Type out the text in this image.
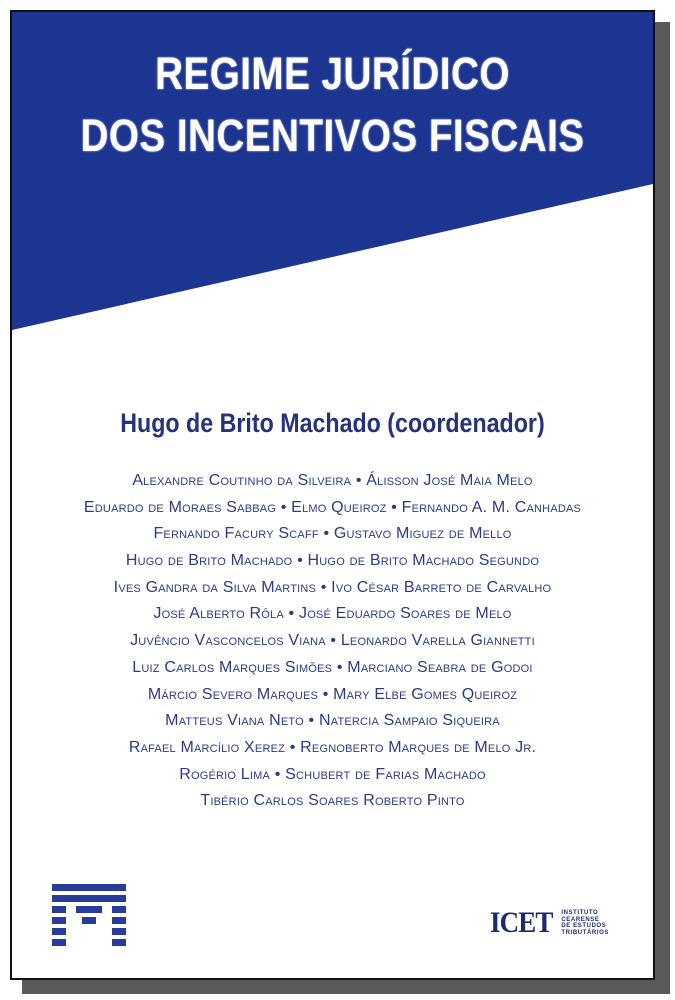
REGIME JURÍDICO
DOS INCENTIVOS FISCAIS
Hugo de Brito Machado (coordenador)
Alexandre Coutinho da Silveira • Álisson José Maia Melo
Eduardo de Moraes Sabbag • Elmo Queiroz • Fernando A. M. Canhadas
Fernando Facury Scaff • Gustavo Miguez de Mello
Hugo de Brito Machado • Hugo de Brito Machado Segundo
Ives Gandra da Silva Martins • Ivo César Barreto de Carvalho
José Alberto Rôla • José Eduardo Soares de Melo
Juvêncio Vasconcelos Viana • Leonardo Varella Giannetti
Luiz Carlos Marques Simões • Marciano Seabra de Godoi
Márcio Severo Marques • Mary Elbe Gomes Queiroz
Matteus Viana Neto • Natercia Sampaio Siqueira
Rafael Marcílio Xerez • Regnoberto Marques de Melo Jr.
Rogério Lima • Schubert de Farias Machado
Tibério Carlos Soares Roberto Pinto
ICET INSTITUTO
CEARENSE
DE ESTUDOS
TRIBUTÁRIOS
